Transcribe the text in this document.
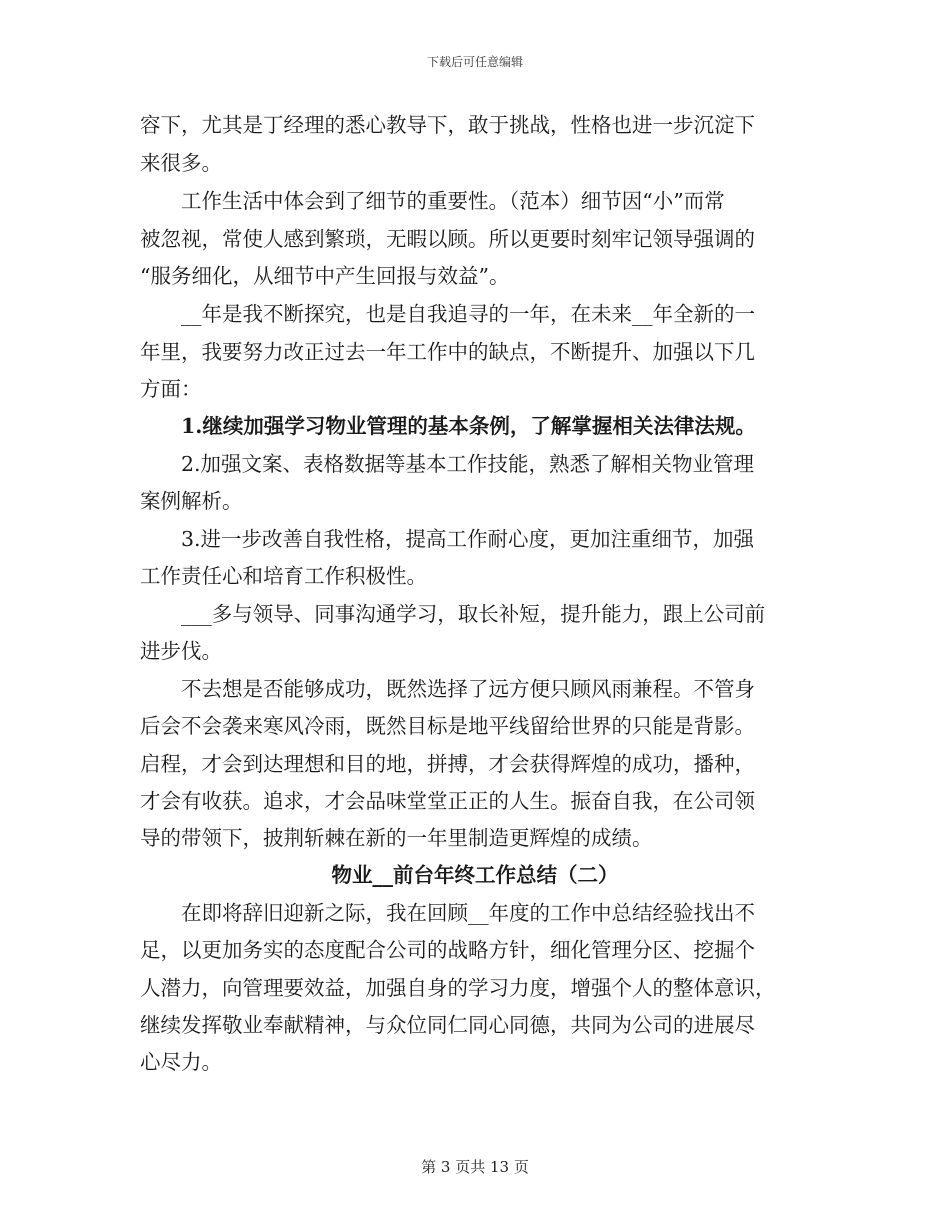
下载后可任意编辑
容下，尤其是丁经理的悉心教导下，敢于挑战，性格也进一步沉淀下
来很多。
　　工作生活中体会到了细节的重要性。（范本）细节因“小”而常
被忽视，常使人感到繁琐，无暇以顾。所以更要时刻牢记领导强调的
“服务细化，从细节中产生回报与效益”。
　　__年是我不断探究，也是自我追寻的一年，在未来__年全新的一
年里，我要努力改正过去一年工作中的缺点，不断提升、加强以下几
方面：
　　1.继续加强学习物业管理的基本条例，了解掌握相关法律法规。
　　2.加强文案、表格数据等基本工作技能，熟悉了解相关物业管理
案例解析。
　　3.进一步改善自我性格，提高工作耐心度，更加注重细节，加强
工作责任心和培育工作积极性。
　　___多与领导、同事沟通学习，取长补短，提升能力，跟上公司前
进步伐。
　　不去想是否能够成功，既然选择了远方便只顾风雨兼程。不管身
后会不会袭来寒风冷雨，既然目标是地平线留给世界的只能是背影。
启程，才会到达理想和目的地，拼搏，才会获得辉煌的成功，播种，
才会有收获。追求，才会品味堂堂正正的人生。振奋自我，在公司领
导的带领下，披荆斩棘在新的一年里制造更辉煌的成绩。
物业__前台年终工作总结（二）
　　在即将辞旧迎新之际，我在回顾__年度的工作中总结经验找出不
足，以更加务实的态度配合公司的战略方针，细化管理分区、挖掘个
人潜力，向管理要效益，加强自身的学习力度，增强个人的整体意识，
继续发挥敬业奉献精神，与众位同仁同心同德，共同为公司的进展尽
心尽力。
第 3 页共 13 页
